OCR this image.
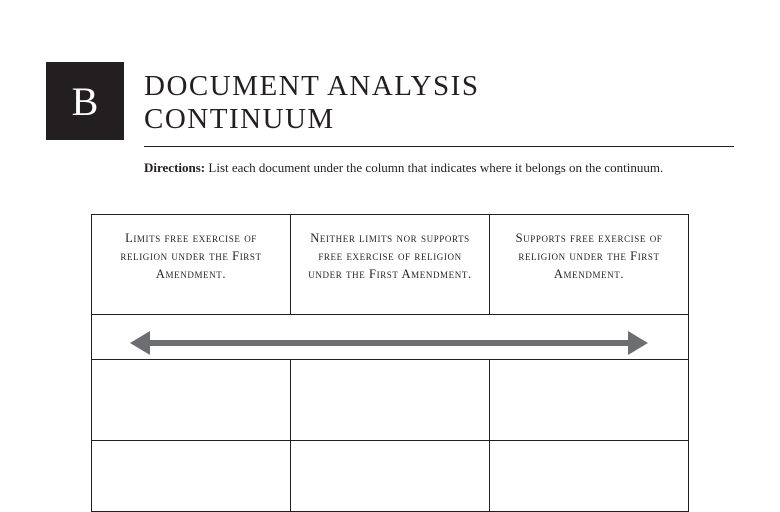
B DOCUMENT ANALYSIS
CONTINUUM
Directions: List each document under the column that indicates where it belongs on the continuum.
Limits free exercise of religion under the First Amendment.	Neither limits nor supports free exercise of religion under the First Amendment.	Supports free exercise of religion under the First Amendment.
